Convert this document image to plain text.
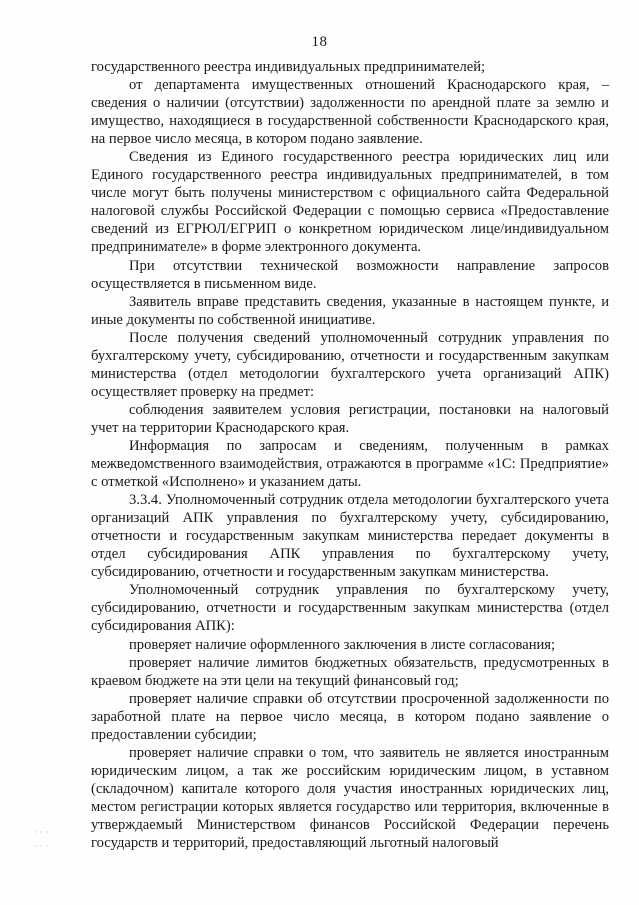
18

государственного реестра индивидуальных предпринимателей;

от департамента имущественных отношений Краснодарского края, – сведения о наличии (отсутствии) задолженности по арендной плате за землю и имущество, находящиеся в государственной собственности Краснодарского края, на первое число месяца, в котором подано заявление.

Сведения из Единого государственного реестра юридических лиц или Единого государственного реестра индивидуальных предпринимателей, в том числе могут быть получены министерством с официального сайта Федеральной налоговой службы Российской Федерации с помощью сервиса «Предоставление сведений из ЕГРЮЛ/ЕГРИП о конкретном юридическом лице/индивидуальном предпринимателе» в форме электронного документа.

При отсутствии технической возможности направление запросов осуществляется в письменном виде.

Заявитель вправе представить сведения, указанные в настоящем пункте, и иные документы по собственной инициативе.

После получения сведений уполномоченный сотрудник управления по бухгалтерскому учету, субсидированию, отчетности и государственным закупкам министерства (отдел методологии бухгалтерского учета организаций АПК) осуществляет проверку на предмет:

соблюдения заявителем условия регистрации, постановки на налоговый учет на территории Краснодарского края.

Информация по запросам и сведениям, полученным в рамках межведомственного взаимодействия, отражаются в программе «1С: Предприятие» с отметкой «Исполнено» и указанием даты.

3.3.4. Уполномоченный сотрудник отдела методологии бухгалтерского учета организаций АПК управления по бухгалтерскому учету, субсидированию, отчетности и государственным закупкам министерства передает документы в отдел субсидирования АПК управления по бухгалтерскому учету, субсидированию, отчетности и государственным закупкам министерства.

Уполномоченный сотрудник управления по бухгалтерскому учету, субсидированию, отчетности и государственным закупкам министерства (отдел субсидирования АПК):

проверяет наличие оформленного заключения в листе согласования;

проверяет наличие лимитов бюджетных обязательств, предусмотренных в краевом бюджете на эти цели на текущий финансовый год;

проверяет наличие справки об отсутствии просроченной задолженности по заработной плате на первое число месяца, в котором подано заявление о предоставлении субсидии;

проверяет наличие справки о том, что заявитель не является иностранным юридическим лицом, а так же российским юридическим лицом, в уставном (складочном) капитале которого доля участия иностранных юридических лиц, местом регистрации которых является государство или территория, включенные в утверждаемый Министерством финансов Российской Федерации перечень государств и территорий, предоставляющий льготный налоговый

· · ·
· · ·
